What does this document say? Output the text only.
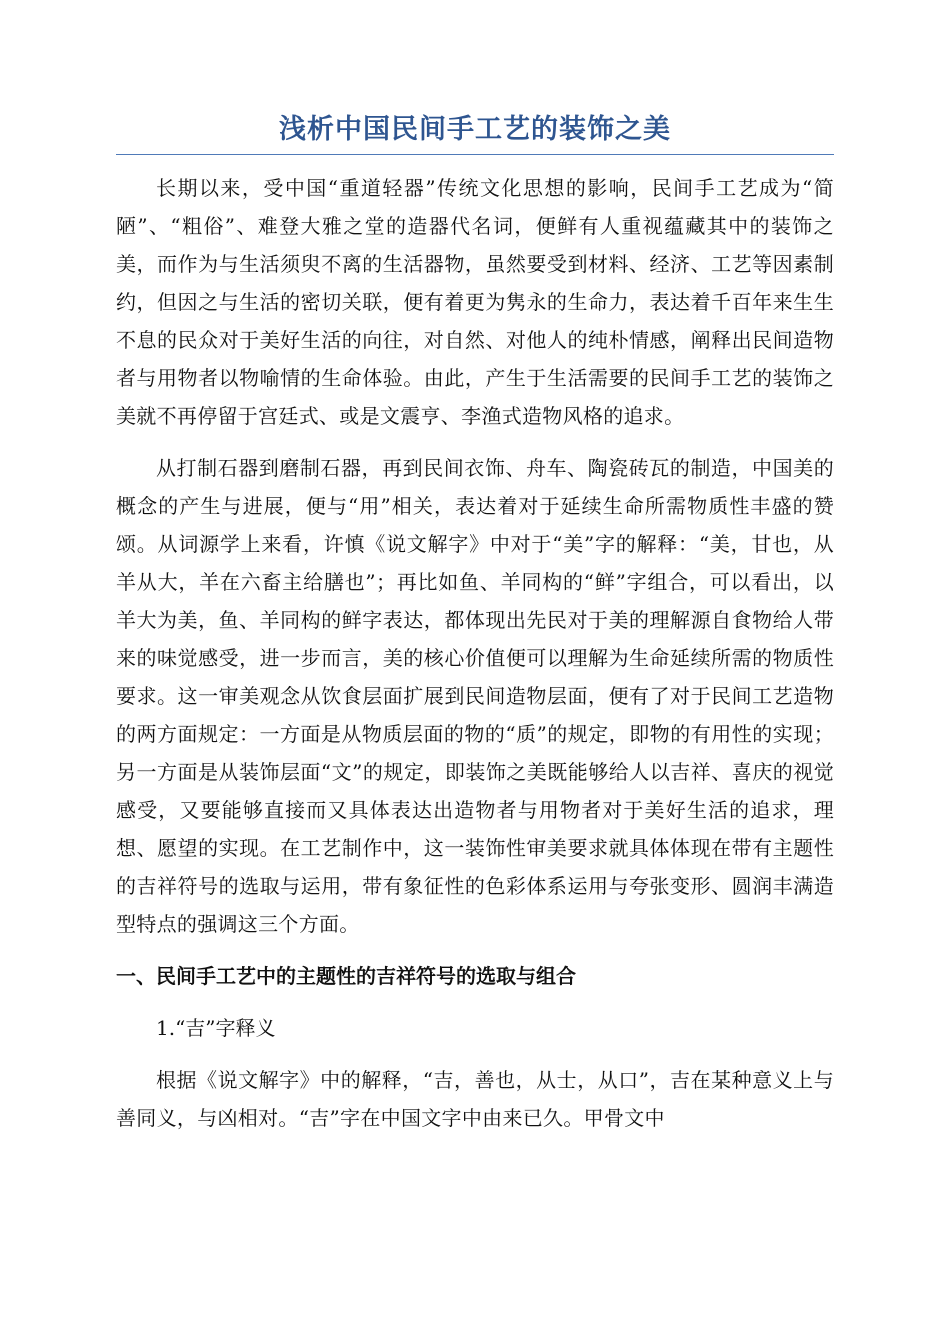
浅析中国民间手工艺的装饰之美

长期以来，受中国“重道轻器”传统文化思想的影响，民间手工艺成为“简陋”、“粗俗”、难登大雅之堂的造器代名词，便鲜有人重视蕴藏其中的装饰之美，而作为与生活须臾不离的生活器物，虽然要受到材料、经济、工艺等因素制约，但因之与生活的密切关联，便有着更为隽永的生命力，表达着千百年来生生不息的民众对于美好生活的向往，对自然、对他人的纯朴情感，阐释出民间造物者与用物者以物喻情的生命体验。由此，产生于生活需要的民间手工艺的装饰之美就不再停留于宫廷式、或是文震亨、李渔式造物风格的追求。

从打制石器到磨制石器，再到民间衣饰、舟车、陶瓷砖瓦的制造，中国美的概念的产生与进展，便与“用”相关，表达着对于延续生命所需物质性丰盛的赞颂。从词源学上来看，许慎《说文解字》中对于“美”字的解释：“美，甘也，从羊从大，羊在六畜主给膳也”；再比如鱼、羊同构的“鲜”字组合，可以看出，以羊大为美，鱼、羊同构的鲜字表达，都体现出先民对于美的理解源自食物给人带来的味觉感受，进一步而言，美的核心价值便可以理解为生命延续所需的物质性要求。这一审美观念从饮食层面扩展到民间造物层面，便有了对于民间工艺造物的两方面规定：一方面是从物质层面的物的“质”的规定，即物的有用性的实现；另一方面是从装饰层面“文”的规定，即装饰之美既能够给人以吉祥、喜庆的视觉感受，又要能够直接而又具体表达出造物者与用物者对于美好生活的追求，理想、愿望的实现。在工艺制作中，这一装饰性审美要求就具体体现在带有主题性的吉祥符号的选取与运用，带有象征性的色彩体系运用与夸张变形、圆润丰满造型特点的强调这三个方面。

一、民间手工艺中的主题性的吉祥符号的选取与组合
1.“吉”字释义

根据《说文解字》中的解释，“吉，善也，从士，从口”，吉在某种意义上与善同义，与凶相对。“吉”字在中国文字中由来已久。甲骨文中
